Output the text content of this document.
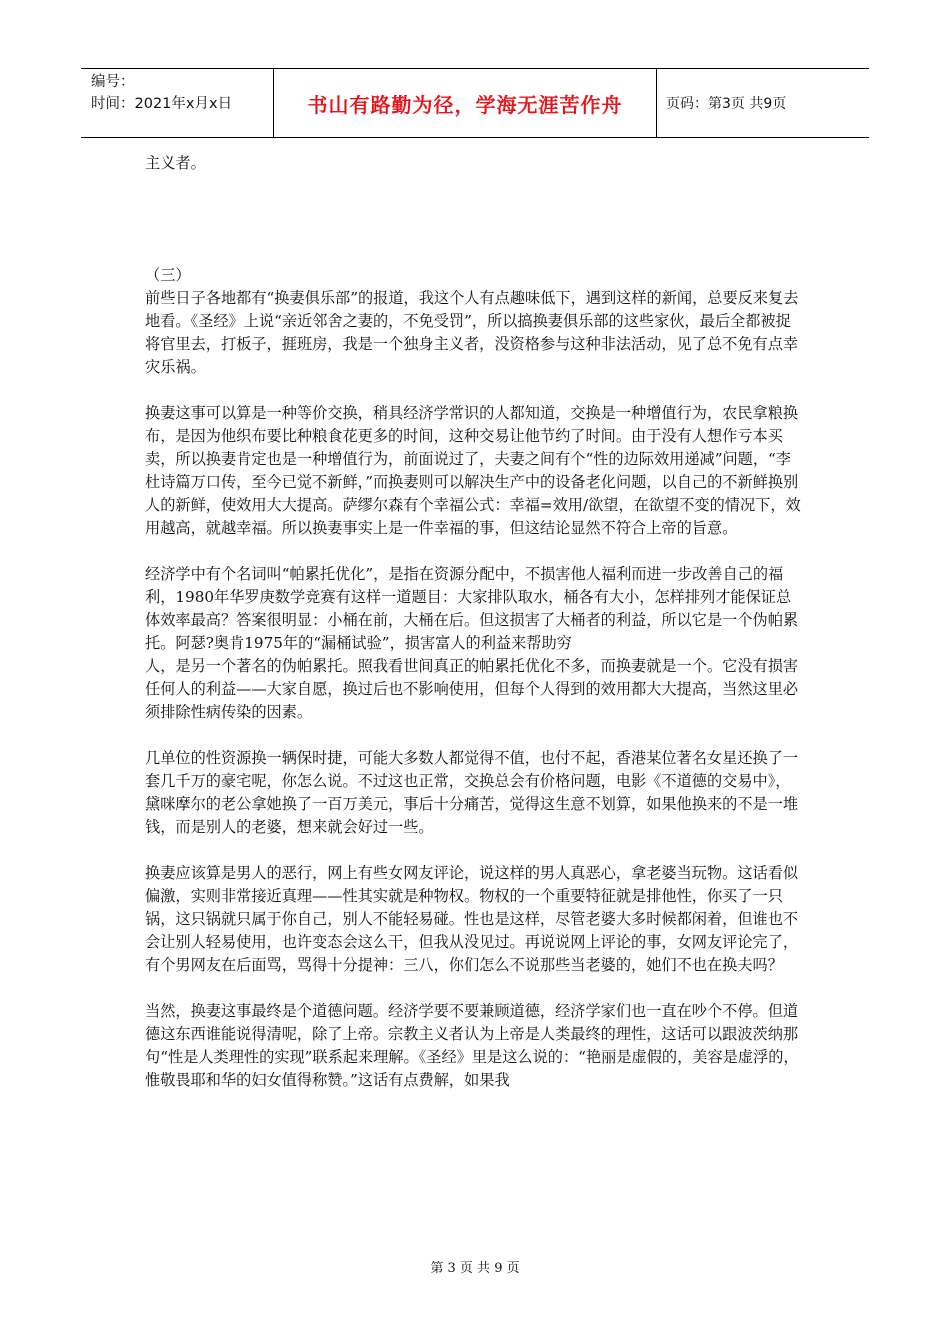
编号：
时间：2021年x月x日	书山有路勤为径，学海无涯苦作舟	页码：第3页 共9页

主义者。

（三）

前些日子各地都有“换妻俱乐部”的报道，我这个人有点趣味低下，遇到这样的新闻，总要反来复去地看。《圣经》上说“亲近邻舍之妻的，不免受罚”，所以搞换妻俱乐部的这些家伙，最后全都被捉将官里去，打板子，捱班房，我是一个独身主义者，没资格参与这种非法活动，见了总不免有点幸灾乐祸。

换妻这事可以算是一种等价交换，稍具经济学常识的人都知道，交换是一种增值行为，农民拿粮换布，是因为他织布要比种粮食花更多的时间，这种交易让他节约了时间。由于没有人想作亏本买卖，所以换妻肯定也是一种增值行为，前面说过了，夫妻之间有个“性的边际效用递减”问题，“李杜诗篇万口传，至今已觉不新鲜，”而换妻则可以解决生产中的设备老化问题，以自己的不新鲜换别人的新鲜，使效用大大提高。萨缪尔森有个幸福公式：幸福=效用/欲望，在欲望不变的情况下，效用越高，就越幸福。所以换妻事实上是一件幸福的事，但这结论显然不符合上帝的旨意。

经济学中有个名词叫“帕累托优化”，是指在资源分配中，不损害他人福利而进一步改善自己的福利，1980年华罗庚数学竞赛有这样一道题目：大家排队取水，桶各有大小，怎样排列才能保证总体效率最高？答案很明显：小桶在前，大桶在后。但这损害了大桶者的利益，所以它是一个伪帕累托。阿瑟?奥肯1975年的“漏桶试验”，损害富人的利益来帮助穷

人，是另一个著名的伪帕累托。照我看世间真正的帕累托优化不多，而换妻就是一个。它没有损害任何人的利益——大家自愿，换过后也不影响使用，但每个人得到的效用都大大提高，当然这里必须排除性病传染的因素。

几单位的性资源换一辆保时捷，可能大多数人都觉得不值，也付不起，香港某位著名女星还换了一套几千万的豪宅呢，你怎么说。不过这也正常，交换总会有价格问题，电影《不道德的交易中》，黛咪摩尔的老公拿她换了一百万美元，事后十分痛苦，觉得这生意不划算，如果他换来的不是一堆钱，而是别人的老婆，想来就会好过一些。

换妻应该算是男人的恶行，网上有些女网友评论，说这样的男人真恶心，拿老婆当玩物。这话看似偏激，实则非常接近真理——性其实就是种物权。物权的一个重要特征就是排他性，你买了一只锅，这只锅就只属于你自己，别人不能轻易碰。性也是这样，尽管老婆大多时候都闲着，但谁也不会让别人轻易使用，也许变态会这么干，但我从没见过。再说说网上评论的事，女网友评论完了，有个男网友在后面骂，骂得十分提神：三八，你们怎么不说那些当老婆的，她们不也在换夫吗？

当然，换妻这事最终是个道德问题。经济学要不要兼顾道德，经济学家们也一直在吵个不停。但道德这东西谁能说得清呢，除了上帝。宗教主义者认为上帝是人类最终的理性，这话可以跟波茨纳那句“性是人类理性的实现”联系起来理解。《圣经》里是这么说的：“艳丽是虚假的，美容是虚浮的，惟敬畏耶和华的妇女值得称赞。”这话有点费解，如果我

第 3 页 共 9 页
